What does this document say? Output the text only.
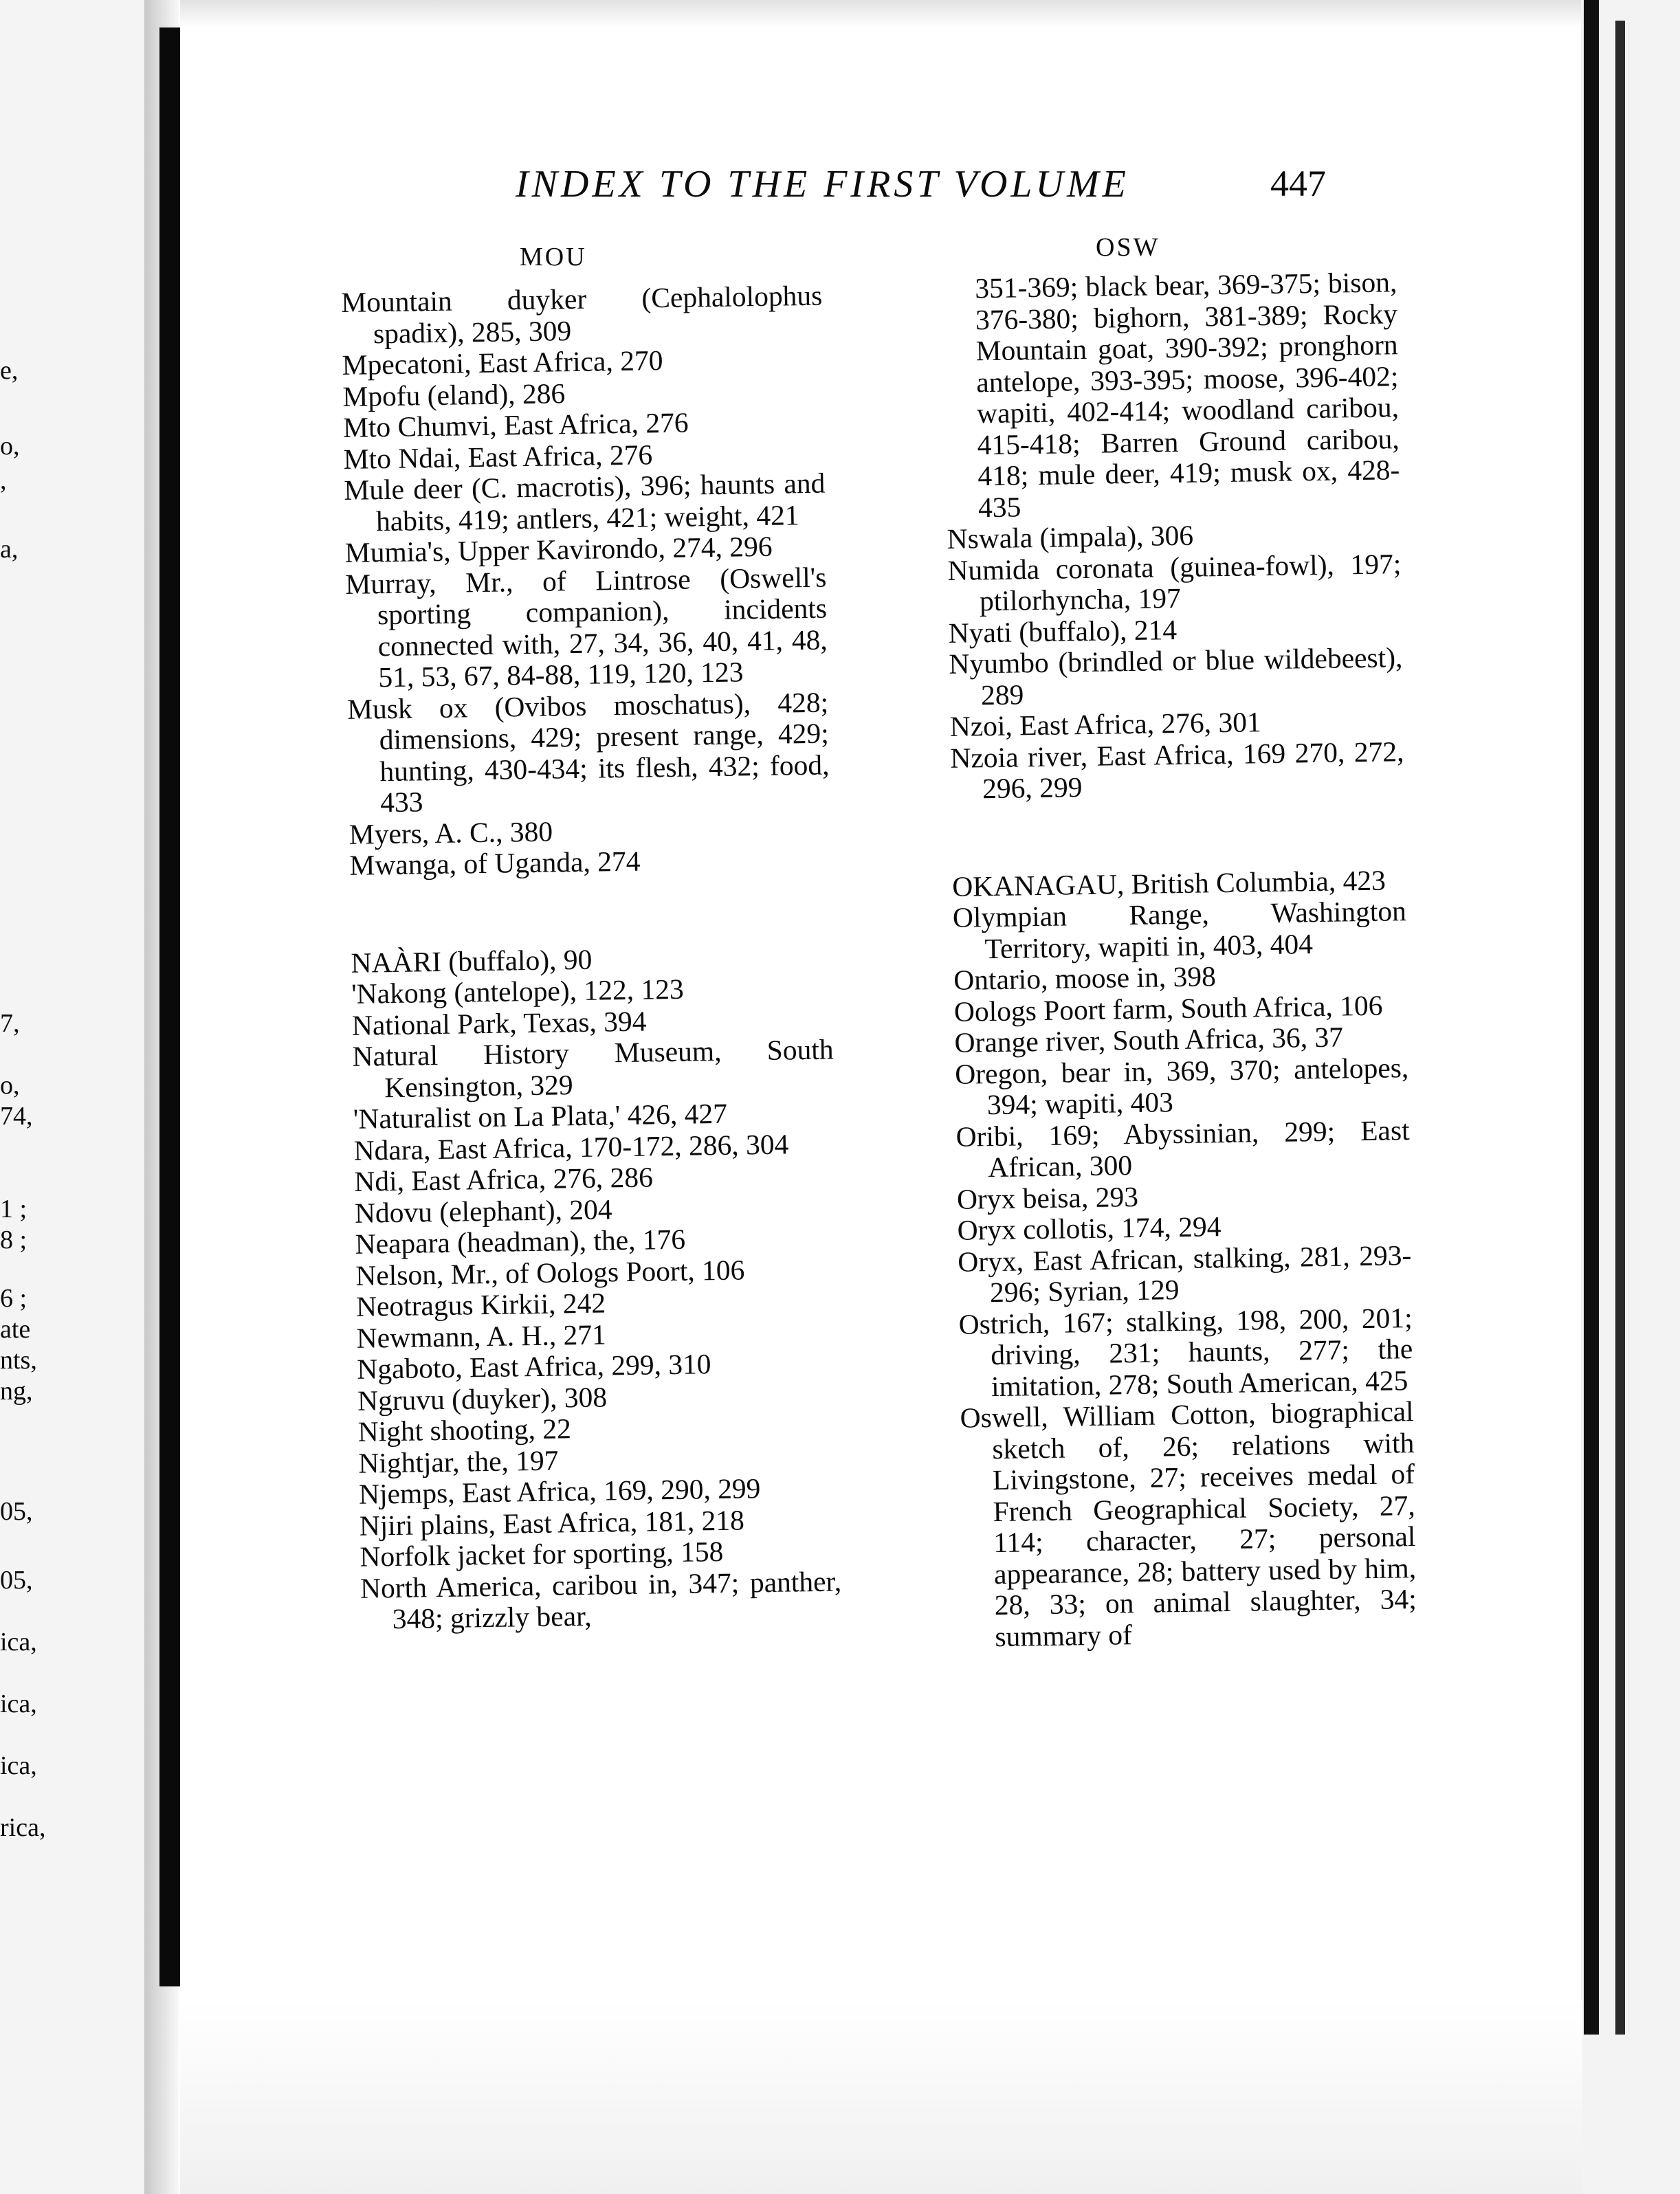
e,
o,
,
a,
7,
o,
74,
1 ;
8 ;
6 ;
ate
nts,
ng,
05,
05,
ica,
ica,
ica,
rica,
INDEX TO THE FIRST VOLUME	447
MOU	OSW
Mountain duyker (Cephalolophus spadix), 285, 309
Mpecatoni, East Africa, 270
Mpofu (eland), 286
Mto Chumvi, East Africa, 276
Mto Ndai, East Africa, 276
Mule deer (C. macrotis), 396; haunts and habits, 419; antlers, 421; weight, 421
Mumia's, Upper Kavirondo, 274, 296
Murray, Mr., of Lintrose (Oswell's sporting companion), incidents connected with, 27, 34, 36, 40, 41, 48, 51, 53, 67, 84-88, 119, 120, 123
Musk ox (Ovibos moschatus), 428; dimensions, 429; present range, 429; hunting, 430-434; its flesh, 432; food, 433
Myers, A. C., 380
Mwanga, of Uganda, 274
NAÀRI (buffalo), 90
'Nakong (antelope), 122, 123
National Park, Texas, 394
Natural History Museum, South Kensington, 329
'Naturalist on La Plata,' 426, 427
Ndara, East Africa, 170-172, 286, 304
Ndi, East Africa, 276, 286
Ndovu (elephant), 204
Neapara (headman), the, 176
Nelson, Mr., of Oologs Poort, 106
Neotragus Kirkii, 242
Newmann, A. H., 271
Ngaboto, East Africa, 299, 310
Ngruvu (duyker), 308
Night shooting, 22
Nightjar, the, 197
Njemps, East Africa, 169, 290, 299
Njiri plains, East Africa, 181, 218
Norfolk jacket for sporting, 158
North America, caribou in, 347; panther, 348; grizzly bear,
351-369; black bear, 369-375; bison, 376-380; bighorn, 381-389; Rocky Mountain goat, 390-392; pronghorn antelope, 393-395; moose, 396-402; wapiti, 402-414; woodland caribou, 415-418; Barren Ground caribou, 418; mule deer, 419; musk ox, 428-435
Nswala (impala), 306
Numida coronata (guinea-fowl), 197; ptilorhyncha, 197
Nyati (buffalo), 214
Nyumbo (brindled or blue wildebeest), 289
Nzoi, East Africa, 276, 301
Nzoia river, East Africa, 169 270, 272, 296, 299
OKANAGAU, British Columbia, 423
Olympian Range, Washington Territory, wapiti in, 403, 404
Ontario, moose in, 398
Oologs Poort farm, South Africa, 106
Orange river, South Africa, 36, 37
Oregon, bear in, 369, 370; antelopes, 394; wapiti, 403
Oribi, 169; Abyssinian, 299; East African, 300
Oryx beisa, 293
Oryx collotis, 174, 294
Oryx, East African, stalking, 281, 293-296; Syrian, 129
Ostrich, 167; stalking, 198, 200, 201; driving, 231; haunts, 277; the imitation, 278; South American, 425
Oswell, William Cotton, biographical sketch of, 26; relations with Livingstone, 27; receives medal of French Geographical Society, 27, 114; character, 27; personal appearance, 28; battery used by him, 28, 33; on animal slaughter, 34; summary of
